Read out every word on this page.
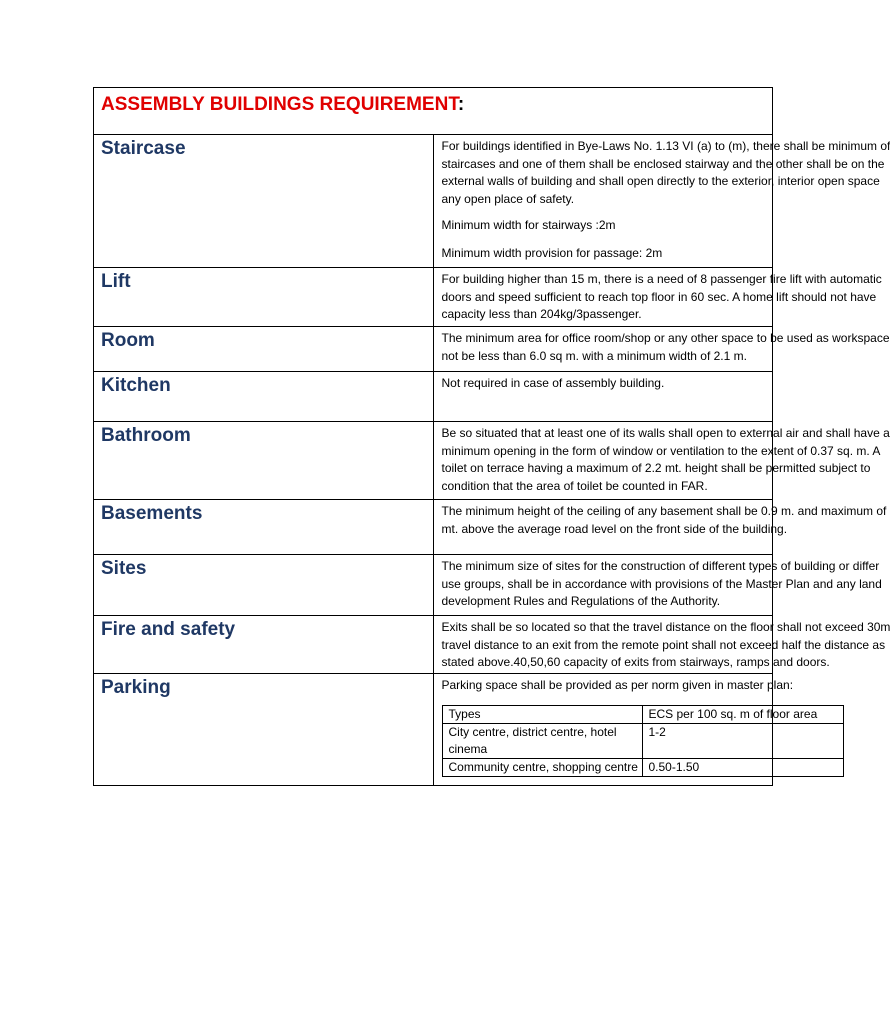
ASSEMBLY BUILDINGS REQUIREMENT:
Staircase	For buildings identified in Bye-Laws No. 1.13 VI (a) to (m), there shall be minimum of

staircases and one of them shall be enclosed stairway and the other shall be on the

external walls of building and shall open directly to the exterior, interior open space

any open place of safety.

Minimum width for stairways :2m

Minimum width provision for passage: 2m

Lift	For building higher than 15 m, there is a need of 8 passenger fire lift with automatic

doors and speed sufficient to reach top floor in 60 sec. A home lift should not have

capacity less than 204kg/3passenger.

Room	The minimum area for office room/shop or any other space to be used as workspace

not be less than 6.0 sq m. with a minimum width of 2.1 m.

Kitchen	Not required in case of assembly building.

Bathroom	Be so situated that at least one of its walls shall open to external air and shall have a

minimum opening in the form of window or ventilation to the extent of 0.37 sq. m. A

toilet on terrace having a maximum of 2.2 mt. height shall be permitted subject to

condition that the area of toilet be counted in FAR.

Basements	The minimum height of the ceiling of any basement shall be 0.9 m. and maximum of

mt. above the average road level on the front side of the building.

Sites	The minimum size of sites for the construction of different types of building or differ

use groups, shall be in accordance with provisions of the Master Plan and any land

development Rules and Regulations of the Authority.

Fire and safety	Exits shall be so located so that the travel distance on the floor shall not exceed 30m

travel distance to an exit from the remote point shall not exceed half the distance as

stated above.40,50,60 capacity of exits from stairways, ramps and doors.

Parking	Parking space shall be provided as per norm given in master plan:

Types	ECS per 100 sq. m of floor area
City centre, district centre, hotel cinema	1-2
Community centre, shopping centre	0.50-1.50
